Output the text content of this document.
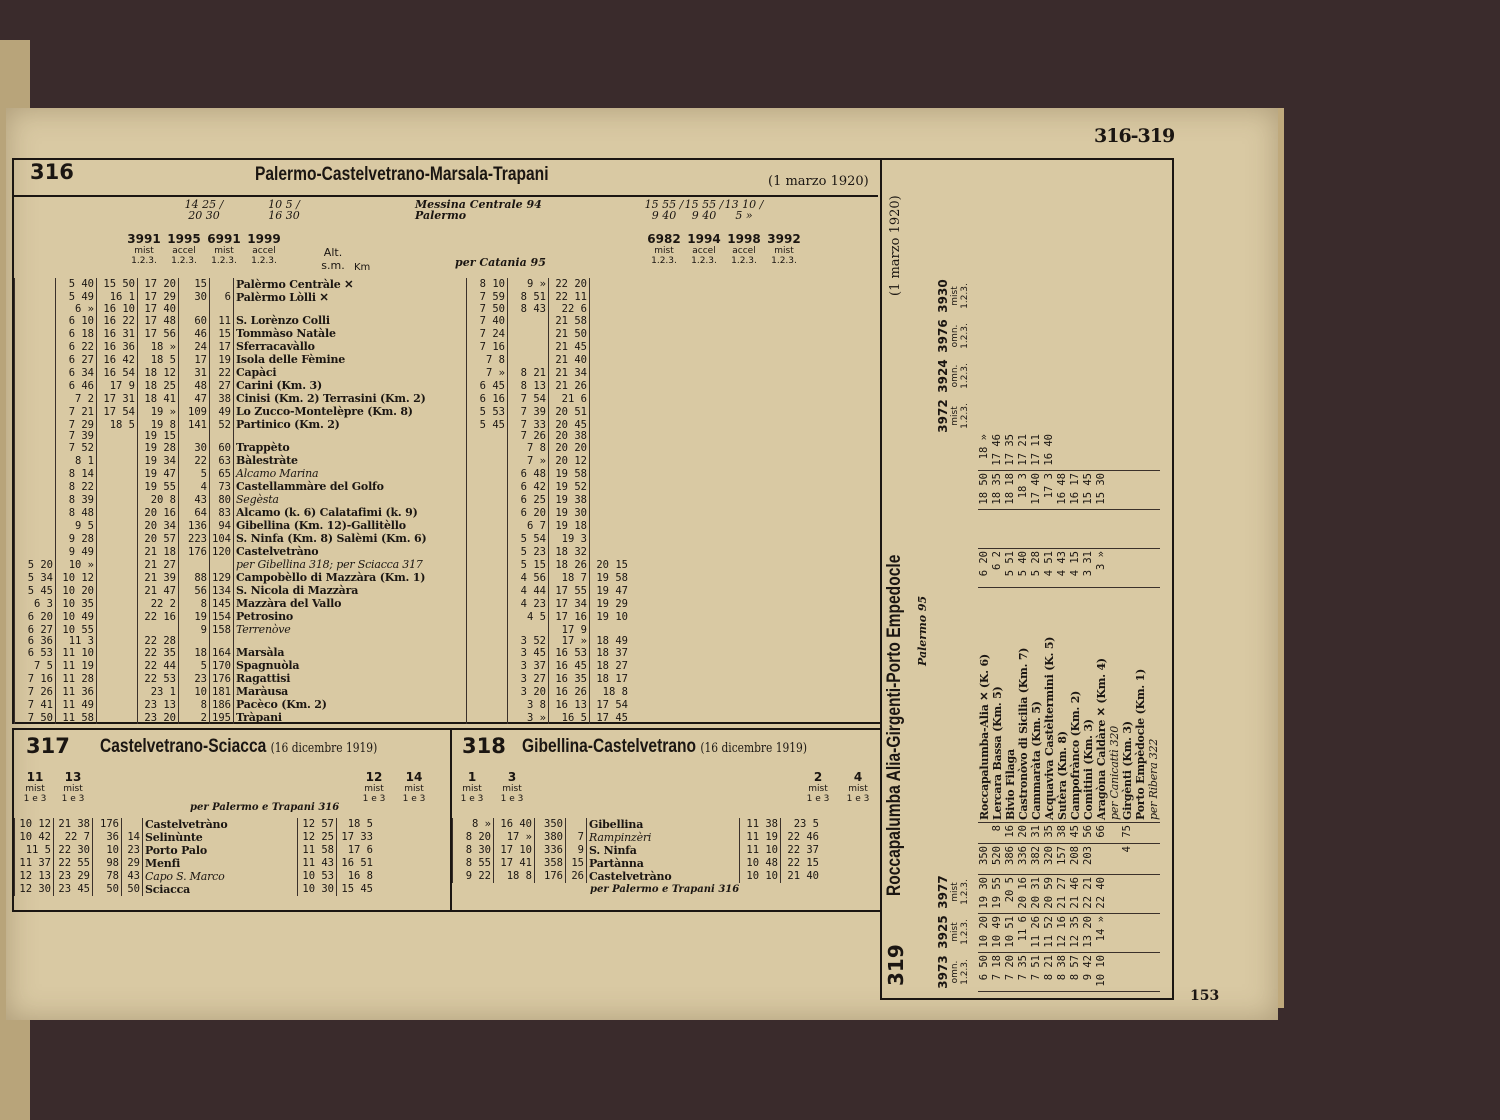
316-319
153
316	Palermo-Castelvetrano-Marsala-Trapani	(1 marzo 1920)
Messina Centrale 94
Palermo
per Catania 95
Alt. s.m. Km
14 25 / 20 30
10 5 / 16 30
15 55 / 9 40
15 55 / 9 40
13 10 / 5 »
	5 40	15 50	17 20	15		Palèrmo Centràle ✕	8 10	9 »	22 20	
	5 49	16 1	17 29	30	6	Palèrmo Lòlli ✕	7 59	8 51	22 11	
	6 »	16 10	17 40				7 50	8 43	22 6	
	6 10	16 22	17 48	60	11	S. Lorènzo Colli	7 40		21 58	
	6 18	16 31	17 56	46	15	Tommàso Natàle	7 24		21 50	
	6 22	16 36	18 »	24	17	Sferracavàllo	7 16		21 45	
	6 27	16 42	18 5	17	19	Isola delle Fèmine	7 8		21 40	
	6 34	16 54	18 12	31	22	Capàci	7 »	8 21	21 34	
	6 46	17 9	18 25	48	27	Carini (Km. 3)	6 45	8 13	21 26	
	7 2	17 31	18 41	47	38	Cinisi (Km. 2) Terrasini (Km. 2)	6 16	7 54	21 6	
	7 21	17 54	19 »	109	49	Lo Zucco-Montelèpre (Km. 8)	5 53	7 39	20 51	
	7 29	18 5	19 8	141	52	Partinico (Km. 2)	5 45	7 33	20 45	
	7 39		19 15					7 26	20 38	
	7 52		19 28	30	60	Trappèto		7 8	20 20	
	8 1		19 34	22	63	Bàlestràte		7 »	20 12	
	8 14		19 47	5	65	Alcamo Marina		6 48	19 58	
	8 22		19 55	4	73	Castellammàre del Golfo		6 42	19 52	
	8 39		20 8	43	80	Segèsta		6 25	19 38	
	8 48		20 16	64	83	Alcamo (k. 6) Calatafimi (k. 9)		6 20	19 30	
	9 5		20 34	136	94	Gibellina (Km. 12)-Gallitèllo		6 7	19 18	
	9 28		20 57	223	104	S. Ninfa (Km. 8) Salèmi (Km. 6)		5 54	19 3	
	9 49		21 18	176	120	Castelvetràno		5 23	18 32	
5 20	10 »		21 27			per Gibellina 318; per Sciacca 317		5 15	18 26	20 15
5 34	10 12		21 39	88	129	Campobèllo di Mazzàra (Km. 1)		4 56	18 7	19 58
5 45	10 20		21 47	56	134	S. Nicola di Mazzàra		4 44	17 55	19 47
6 3	10 35		22 2	8	145	Mazzàra del Vallo		4 23	17 34	19 29
6 20	10 49		22 16	19	154	Petrosino		4 5	17 16	19 10
6 27	10 55			9	158	Terrenòve			17 9	
6 36	11 3		22 28					3 52	17 »	18 49
6 53	11 10		22 35	18	164	Marsàla		3 45	16 53	18 37
7 5	11 19		22 44	5	170	Spagnuòla		3 37	16 45	18 27
7 16	11 28		22 53	23	176	Ragattisi		3 27	16 35	18 17
7 26	11 36		23 1	10	181	Maràusa		3 20	16 26	18 8
7 41	11 49		23 13	8	186	Pacèco (Km. 2)		3 8	16 13	17 54
7 50	11 58		23 20	2	195	Tràpani		3 »	16 5	17 45
317 Castelvetrano-Sciacca (16 dicembre 1919)
per Palermo e Trapani 316
10 12	21 38	176		Castelvetràno	12 57	18 5
10 42	22 7	36	14	Selinùnte	12 25	17 33
11 5	22 30	10	23	Porto Palo	11 58	17 6
11 37	22 55	98	29	Menfi	11 43	16 51
12 13	23 29	78	43	Capo S. Marco	10 53	16 8
12 30	23 45	50	50	Sciacca	10 30	15 45
318 Gibellina-Castelvetrano (16 dicembre 1919)
8 »	16 40	350		Gibellina	11 38	23 5
8 20	17 »	380	7	Rampinzèri	11 19	22 46
8 30	17 10	336	9	S. Ninfa	11 10	22 37
8 55	17 41	358	15	Partànna	10 48	22 15
9 22	18 8	176	26	Castelvetràno	10 10	21 40
per Palermo e Trapani 316
319
Roccapalumba Alia-Girgenti-Porto Empedocle
(1 marzo 1920)
Palermo 95
6 50	10 20	19 30	350		Roccapalumba-Alia ✕ (K. 6)	6 20		18 50	18 »
7 18	10 49	19 55	520	8	Lercara Bassa (Km. 5)	6 2		18 35	17 46
7 20	10 51	20 5	386	16	Bivio Filaga	5 51		18 18	17 35
7 35	11 6	20 16	336	20	Castronòvo di Sicilia (Km. 7)	5 40		18 3	17 21
7 51	11 26	20 31	382	31	Cammaràta (Km. 5)	5 28		17 40	17 11
8 21	11 52	20 59	320	35	Acquaviva Castèltermini (K. 5)	4 51		17 3	16 40
8 38	12 16	21 27	157	38	Sutèra (Km. 8)	4 43		16 48	
8 57	12 35	21 46	208	45	Campofrànco (Km. 2)	4 15		16 17	
9 42	13 20	22 21	203	56	Comitini (Km. 3)	3 31		15 45	
10 10	14 »	22 40		66	Aragòna Caldàre ✕ (Km. 4)	3 »		15 30	
					per Canicattì 320				
			4	75	Girgènti (Km. 3)				
					Porto Empèdocle (Km. 1)				
					per Ribera 322				
3973 omn. 1.2.3.
3925 mist 1.2.3.
3977 mist 1.2.3.
3972 mist 1.2.3.
3924 omn. 1.2.3.
3976 omn. 1.2.3.
3930 mist 1.2.3.
3991
mist
1.2.3.
1995
accel
1.2.3.
6991
mist
1.2.3.
1999
accel
1.2.3.
6982
mist
1.2.3.
1994
accel
1.2.3.
1998
accel
1.2.3.
3992
mist
1.2.3.
11
mist
1 e 3
13
mist
1 e 3
12
mist
1 e 3
14
mist
1 e 3
1
mist
1 e 3
3
mist
1 e 3
2
mist
1 e 3
4
mist
1 e 3
